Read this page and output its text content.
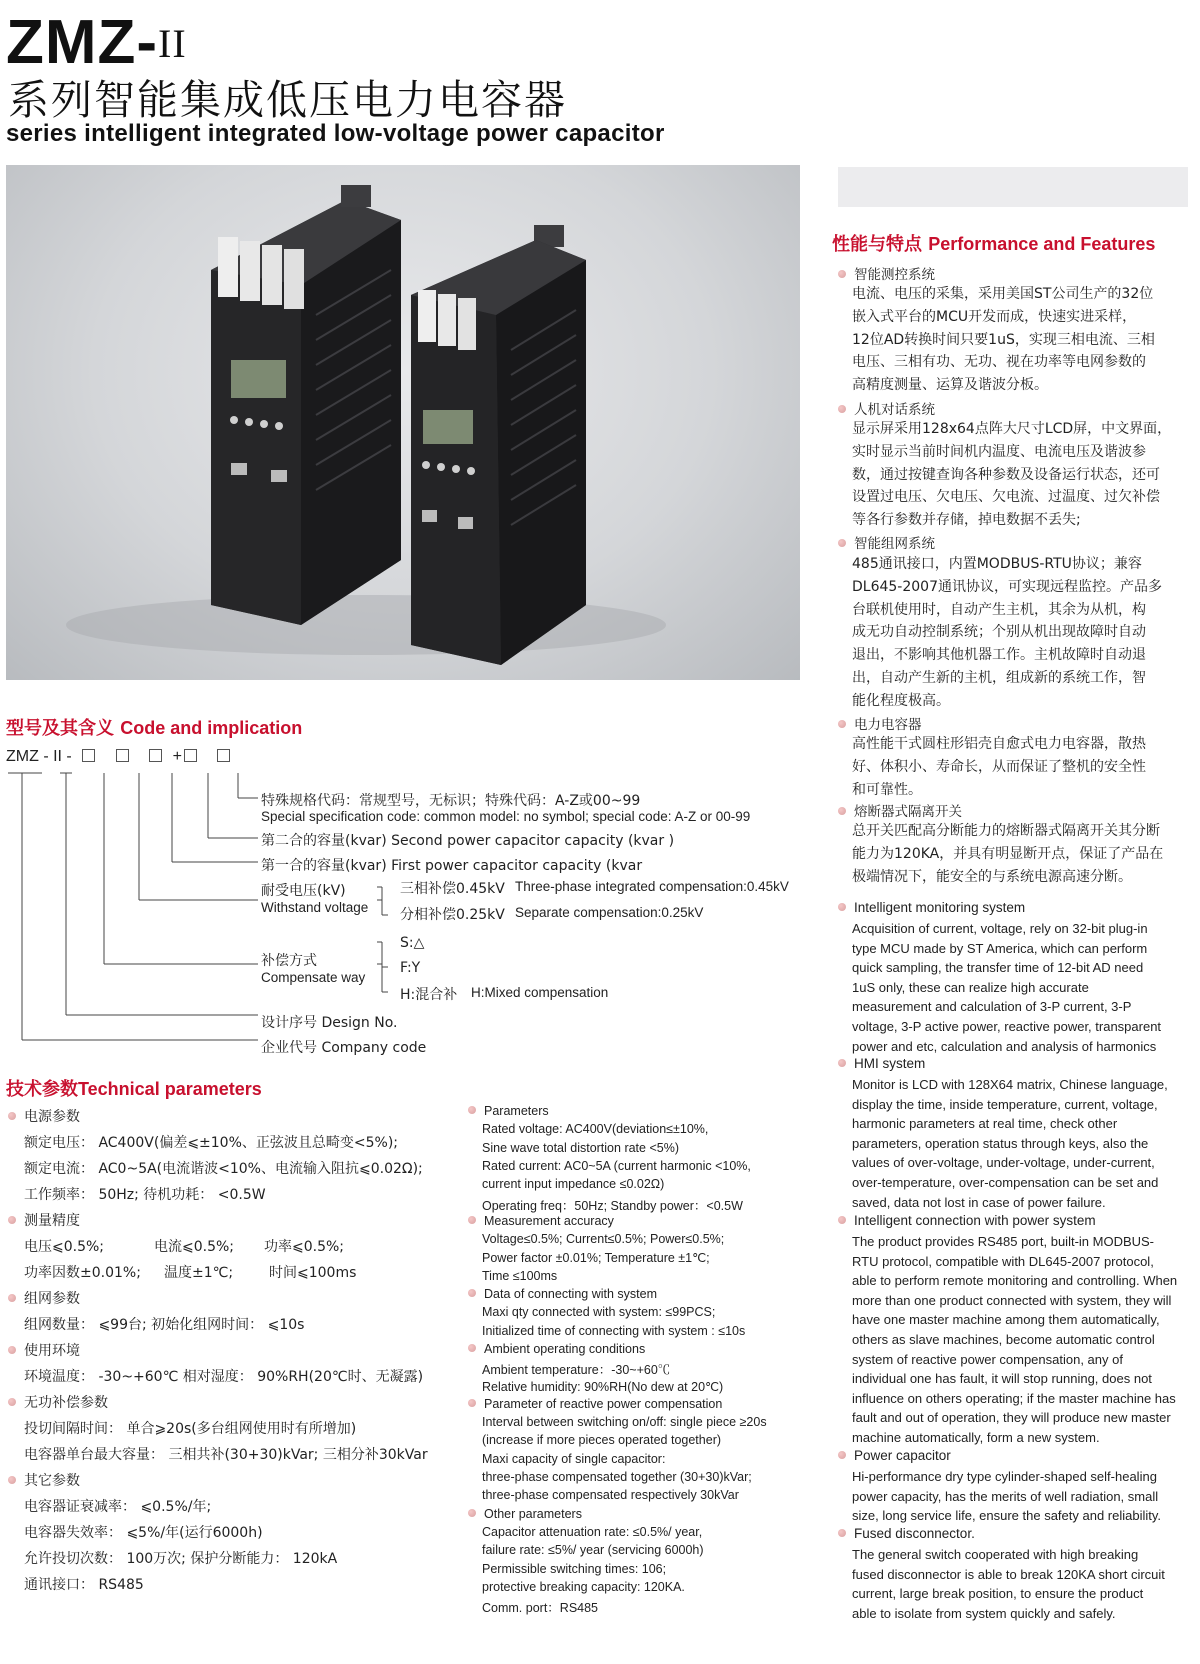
ZMZ-II
系列智能集成低压电力电容器
series intelligent integrated low-voltage power capacitor
性能与特点 Performance and Features
智能测控系统
电流、电压的采集，采用美国ST公司生产的32位
嵌入式平台的MCU开发而成，快速实进采样，
12位AD转换时间只要1uS，实现三相电流、三相
电压、三相有功、无功、视在功率等电网参数的
高精度测量、运算及谐波分板。
人机对话系统
显示屏采用128x64点阵大尺寸LCD屏，中文界面，
实时显示当前时间机内温度、电流电压及谐波参
数，通过按键查询各种参数及设备运行状态，还可
设置过电压、欠电压、欠电流、过温度、过欠补偿
等各行参数并存储，掉电数据不丢失;
智能组网系统
485通讯接口，内置MODBUS-RTU协议；兼容
DL645-2007通讯协议，可实现远程监控。产品多
台联机使用时，自动产生主机，其余为从机，构
成无功自动控制系统；个别从机出现故障时自动
退出，不影响其他机器工作。主机故障时自动退
出，自动产生新的主机，组成新的系统工作，智
能化程度极高。
电力电容器
高性能干式圆柱形铝壳自愈式电力电容器，散热
好、体积小、寿命长，从而保证了整机的安全性
和可靠性。
熔断器式隔离开关
总开关匹配高分断能力的熔断器式隔离开关其分断
能力为120KA，并具有明显断开点，保证了产品在
极端情况下，能安全的与系统电源高速分断。
Intelligent monitoring system
Acquisition of current, voltage, rely on 32-bit plug-in
type MCU made by ST America, which can perform
quick sampling, the transfer time of 12-bit AD need
1uS only, these can realize high accurate
measurement and calculation of 3-P current, 3-P
voltage, 3-P active power, reactive power, transparent
power and etc, calculation and analysis of harmonics
HMI system
Monitor is LCD with 128X64 matrix, Chinese language,
display the time, inside temperature, current, voltage,
harmonic parameters at real time, check other
parameters, operation status through keys, also the
values of over-voltage, under-voltage, under-current,
over-temperature, over-compensation can be set and
saved, data not lost in case of power failure.
Intelligent connection with power system
The product provides RS485 port, built-in MODBUS-
RTU protocol, compatible with DL645-2007 protocol,
able to perform remote monitoring and controlling. When
more than one product connected with system, they will
have one master machine among them automatically,
others as slave machines, become automatic control
system of reactive power compensation, any of
individual one has fault, it will stop running, does not
influence on others operating; if the master machine has
fault and out of operation, they will produce new master
machine automatically, form a new system.
Power capacitor
Hi-performance dry type cylinder-shaped self-healing
power capacity, has the merits of well radiation, small
size, long service life, ensure the safety and reliability.
Fused disconnector.
The general switch cooperated with high breaking
fused disconnector is able to break 120KA short circuit
current, large break position, to ensure the product
able to isolate from system quickly and safely.
型号及其含义 Code and implication
ZMZ - II -	+
特殊规格代码：常规型号，无标识；特殊代码：A-Z或00~99
Special specification code: common model: no symbol; special code: A-Z or 00-99
第二合的容量(kvar) Second power capacitor capacity (kvar )
第一合的容量(kvar) First power capacitor capacity (kvar
耐受电压(kV)
Withstand voltage
三相补偿0.45kV Three-phase integrated compensation:0.45kV
分相补偿0.25kV Separate compensation:0.25kV
补偿方式
Compensate way
S:△
F:Y
H:混合补 H:Mixed compensation
设计序号 Design No.
企业代号 Company code
技术参数Technical parameters
电源参数
额定电压： AC400V(偏差⩽±10%、正弦波且总畸变<5%);
额定电流： AC0~5A(电流谐波<10%、电流输入阻抗⩽0.02Ω);
工作频率： 50Hz; 待机功耗： <0.5W
测量精度
电压⩽0.5%;	电流⩽0.5%; 功率⩽0.5%;
功率因数±0.01%; 温度±1℃;	时间⩽100ms
组网参数
组网数量： ⩽99台; 初始化组网时间： ⩽10s
使用环境
环境温度： -30~+60℃ 相对湿度： 90%RH(20℃时、无凝露)
无功补偿参数
投切间隔时间： 单合⩾20s(多台组网使用时有所增加)
电容器单台最大容量： 三相共补(30+30)kVar; 三相分补30kVar
其它参数
电容器证衰减率： ⩽0.5%/年;
电容器失效率： ⩽5%/年(运行6000h)
允许投切次数： 100万次; 保护分断能力： 120kA
通讯接口： RS485
Parameters
Rated voltage: AC400V(deviation≤±10%,
Sine wave total distortion rate <5%)
Rated current: AC0~5A (current harmonic <10%,
current input impedance ≤0.02Ω)
Operating freq：50Hz; Standby power：<0.5W
Measurement accuracy
Voltage≤0.5%; Current≤0.5%; Power≤0.5%;
Power factor ±0.01%; Temperature ±1℃;
Time ≤100ms
Data of connecting with system
Maxi qty connected with system: ≤99PCS;
Initialized time of connecting with system : ≤10s
Ambient operating conditions
Ambient temperature：-30~+60℃
Relative humidity: 90%RH(No dew at 20℃)
Parameter of reactive power compensation
Interval between switching on/off: single piece ≥20s
(increase if more pieces operated together)
Maxi capacity of single capacitor:
three-phase compensated together (30+30)kVar;
three-phase compensated respectively 30kVar
Other parameters
Capacitor attenuation rate: ≤0.5%/ year,
failure rate: ≤5%/ year (servicing 6000h)
Permissible switching times: 106;
protective breaking capacity: 120KA.
Comm. port：RS485
